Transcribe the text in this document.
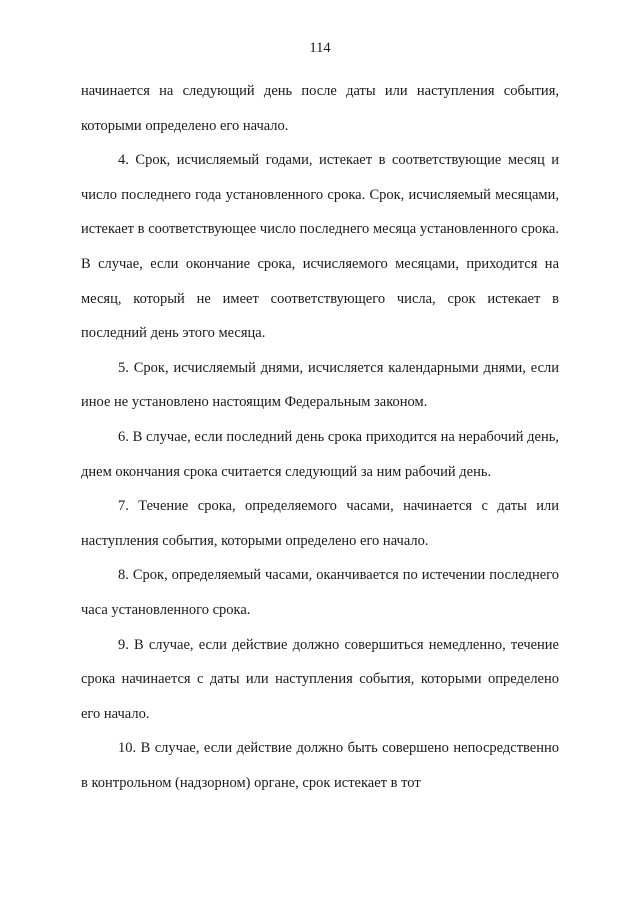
114

начинается на следующий день после даты или наступления события, которыми определено его начало.

4. Срок, исчисляемый годами, истекает в соответствующие месяц и число последнего года установленного срока. Срок, исчисляемый месяцами, истекает в соответствующее число последнего месяца установленного срока. В случае, если окончание срока, исчисляемого месяцами, приходится на месяц, который не имеет соответствующего числа, срок истекает в последний день этого месяца.

5. Срок, исчисляемый днями, исчисляется календарными днями, если иное не установлено настоящим Федеральным законом.

6. В случае, если последний день срока приходится на нерабочий день, днем окончания срока считается следующий за ним рабочий день.

7. Течение срока, определяемого часами, начинается с даты или наступления события, которыми определено его начало.

8. Срок, определяемый часами, оканчивается по истечении последнего часа установленного срока.

9. В случае, если действие должно совершиться немедленно, течение срока начинается с даты или наступления события, которыми определено его начало.

10. В случае, если действие должно быть совершено непосредственно в контрольном (надзорном) органе, срок истекает в тот
